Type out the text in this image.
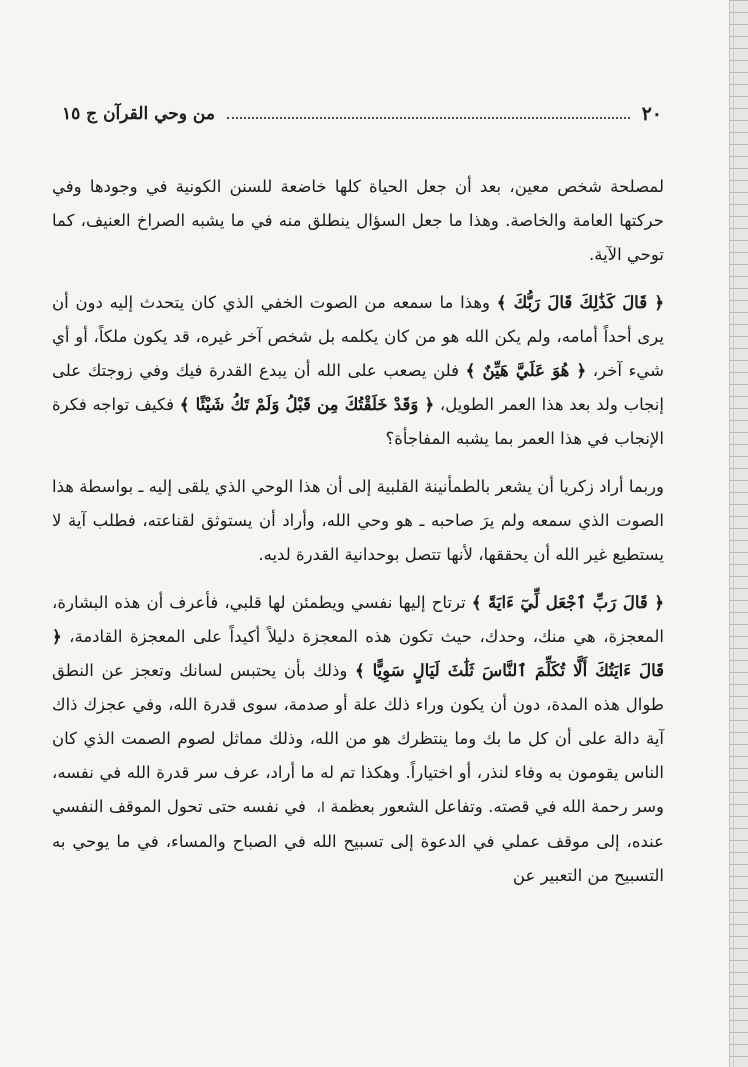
٢٠
من وحي القرآن ج ١٥

لمصلحة شخص معين، بعد أن جعل الحياة كلها خاضعة للسنن الكونية في وجودها وفي حركتها العامة والخاصة. وهذا ما جعل السؤال ينطلق منه في ما يشبه الصراخ العنيف، كما توحي الآية.

﴿ قَالَ كَذَٰلِكَ قَالَ رَبُّكَ ﴾ وهذا ما سمعه من الصوت الخفي الذي كان يتحدث إليه دون أن يرى أحداً أمامه، ولم يكن الله هو من كان يكلمه بل شخص آخر غيره، قد يكون ملكاً، أو أي شيء آخر، ﴿ هُوَ عَلَيَّ هَيِّنٌ ﴾ فلن يصعب على الله أن يبدع القدرة فيك وفي زوجتك على إنجاب ولد بعد هذا العمر الطويل، ﴿ وَقَدْ خَلَقْتُكَ مِن قَبْلُ وَلَمْ تَكُ شَيْئًا ﴾ فكيف تواجه فكرة الإنجاب في هذا العمر بما يشبه المفاجأة؟

وربما أراد زكريا أن يشعر بالطمأنينة القلبية إلى أن هذا الوحي الذي يلقى إليه ـ بواسطة هذا الصوت الذي سمعه ولم يرَ صاحبه ـ هو وحي الله، وأراد أن يستوثق لقناعته، فطلب آية لا يستطيع غير الله أن يحققها، لأنها تتصل بوحدانية القدرة لديه.

﴿ قَالَ رَبِّ ٱجْعَل لِّيٓ ءَايَةً ﴾ ترتاح إليها نفسي ويطمئن لها قلبي، فأعرف أن هذه البشارة، المعجزة، هي منك، وحدك، حيث تكون هذه المعجزة دليلاً أكيداً على المعجزة القادمة، ﴿ قَالَ ءَايَتُكَ أَلَّا تُكَلِّمَ ٱلنَّاسَ ثَلَٰثَ لَيَالٍ سَوِيًّا ﴾ وذلك بأن يحتبس لسانك وتعجز عن النطق طوال هذه المدة، دون أن يكون وراء ذلك علة أو صدمة، سوى قدرة الله، وفي عجزك ذاك آية دالة على أن كل ما بك وما ينتظرك هو من الله، وذلك مماثل لصوم الصمت الذي كان الناس يقومون به وفاء لنذر، أو اختياراً. وهكذا تم له ما أراد، عرف سر قدرة الله في نفسه، وسر رحمة الله في قصته. وتفاعل الشعور بعظمة ا، في نفسه حتى تحول الموقف النفسي عنده، إلى موقف عملي في الدعوة إلى تسبيح الله في الصباح والمساء، في ما يوحي به التسبيح من التعبير عن
